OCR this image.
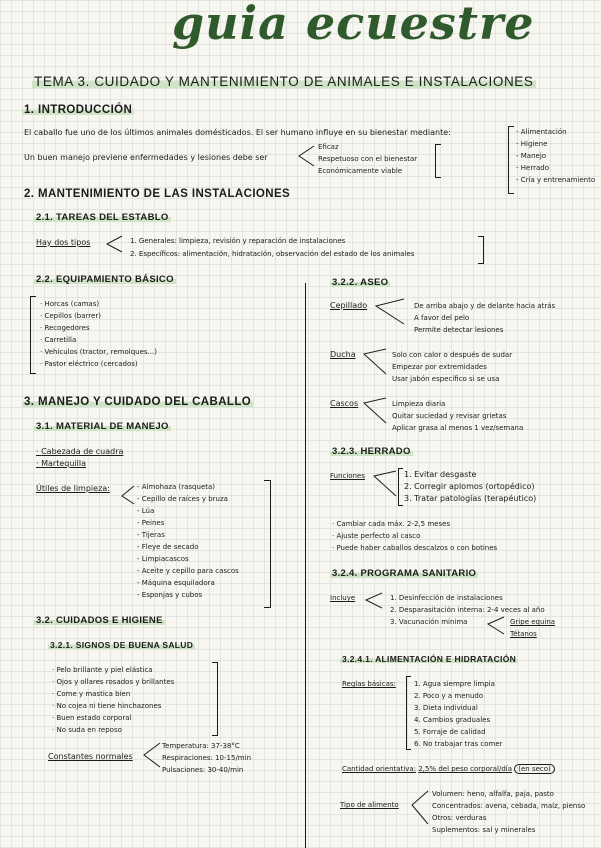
guia ecuestre
TEMA 3. CUIDADO Y MANTENIMIENTO DE ANIMALES E INSTALACIONES
1. INTRODUCCIÓN
El caballo fue uno de los últimos animales domésticados. El ser humano influye en su bienestar mediante:
Un buen manejo previene enfermedades y lesiones debe ser
Eficaz
Respetuoso con el bienestar
Económicamente viable
- Alimentación
- Higiene
- Manejo
- Herrado
- Cría y entrenamiento
2. MANTENIMIENTO DE LAS INSTALACIONES
2.1. TAREAS DEL ESTABLO
Hay dos tipos	1. Generales: limpieza, revisión y reparación de instalaciones
2. Específicos: alimentación, hidratación, observación del estado de los animales
2.2. EQUIPAMIENTO BÁSICO
· Horcas (camas)
· Cepillos (barrer)
· Recogedores
· Carretilla
· Vehículos (tractor, remolques...)
· Pastor eléctrico (cercados)
3. MANEJO Y CUIDADO DEL CABALLO
3.1. MATERIAL DE MANEJO
· Cabezada de cuadra
· Martequilla
Útiles de limpieza:
-	Almohaza (rasqueta)
- Cepillo de raíces y bruza
- Lúa
- Peines
- Tijeras
- Fleye de secado
- Limpiacascos
- Aceite y cepillo para cascos
- Máquina esquiladora
- Esponjas y cubos
3.2. CUIDADOS E HIGIENE
3.2.1. SIGNOS DE BUENA SALUD
· Pelo brillante y piel elástica
· Ojos y ollares rosados y brillantes
· Come y mastica bien
· No cojea ni tiene hinchazones
· Buen estado corporal
· No suda en reposo
Constantes normales
Temperatura: 37-38°C
Respiraciones: 10-15/min
Pulsaciones: 30-40/min
3.2.2. ASEO
Cepillado	De arriba abajo y de delante hacia atrás
A favor del pelo
Permite detectar lesiones
Ducha	Solo con calor o después de sudar
Empezar por extremidades
Usar jabón específico si se usa
Cascos	Limpieza diaria
Quitar suciedad y revisar grietas
Aplicar grasa al menos 1 vez/semana
3.2.3. HERRADO
Funciones	1. Evitar desgaste
2. Corregir aplomos (ortopédico)
3. Tratar patologías (terapéutico)
· Cambiar cada máx. 2-2,5 meses
· Ajuste perfecto al casco
· Puede haber caballos descalzos o con botines
3.2.4. PROGRAMA SANITARIO
Incluye	1. Desinfección de instalaciones
2. Desparasitación interna: 2-4 veces al año
3. Vacunación mínima	Gripe equina
Tétanos
3.2.4.1. ALIMENTACIÓN E HIDRATACIÓN
Reglas básicas:	1. Agua siempre limpia
2. Poco y a menudo
3. Dieta individual
4. Cambios graduales
5. Forraje de calidad
6. No trabajar tras comer
Cantidad orientativa: 2,5% del peso corporal/día (en seco)
Tipo de alimento
Volumen: heno, alfalfa, paja, pasto
Concentrados: avena, cebada, maíz, pienso
Otros: verduras
Suplementos: sal y minerales
